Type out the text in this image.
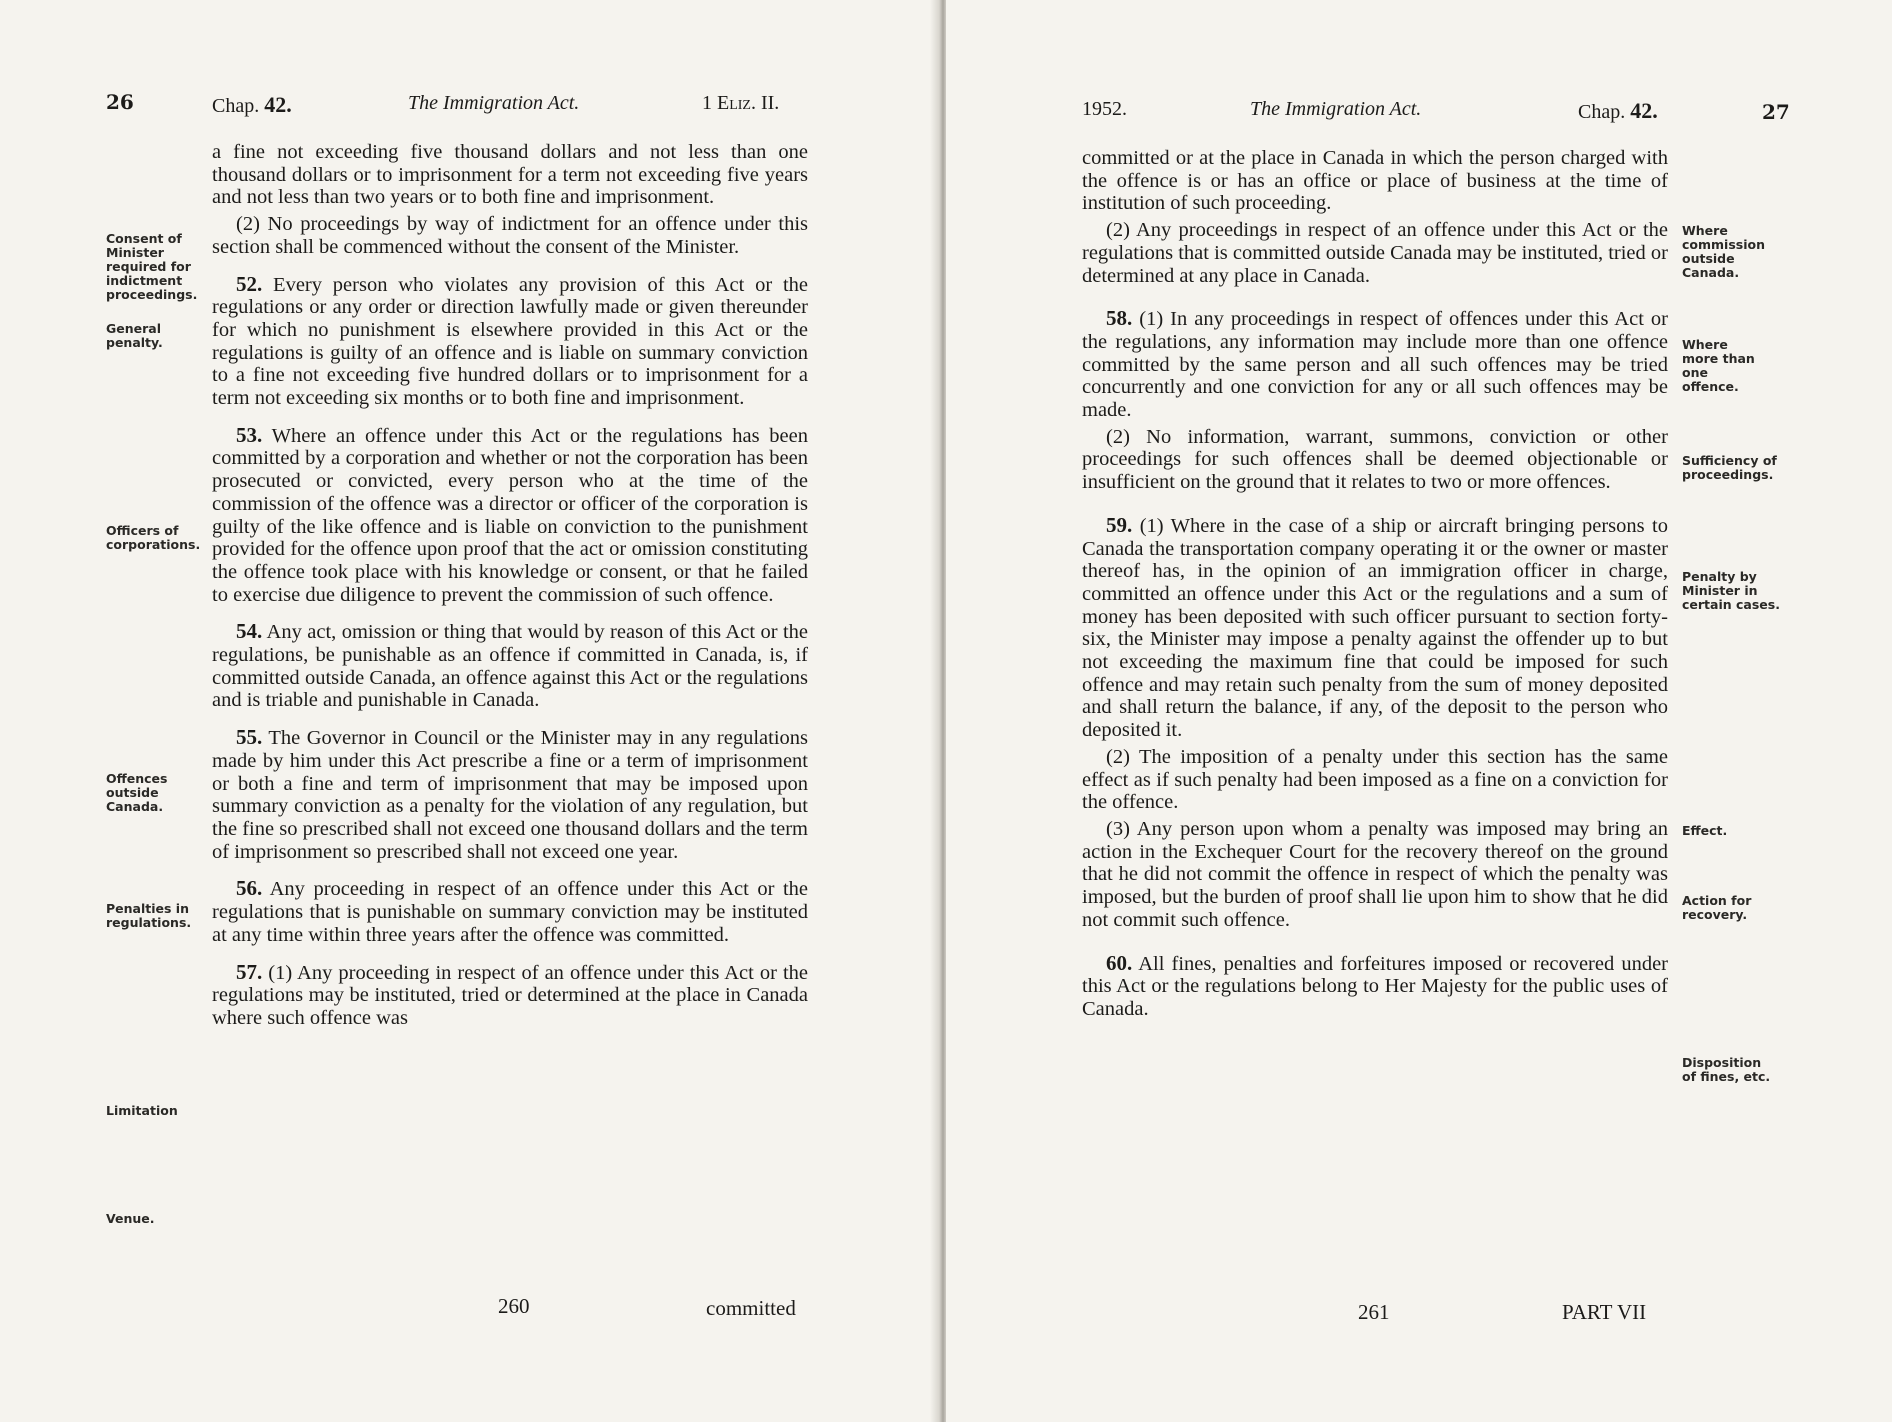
26	Chap. 42.	The Immigration Act.	1 Eliz. II.
Consent of Minister required for indictment proceedings.
General penalty.
Officers of corporations.
Offences outside Canada.
Penalties in regulations.
Limitation
Venue.

a fine not exceeding five thousand dollars and not less than one thousand dollars or to imprisonment for a term not exceeding five years and not less than two years or to both fine and imprisonment.

(2) No proceedings by way of indictment for an offence under this section shall be commenced without the consent of the Minister.

52. Every person who violates any provision of this Act or the regulations or any order or direction lawfully made or given thereunder for which no punishment is elsewhere provided in this Act or the regulations is guilty of an offence and is liable on summary conviction to a fine not exceeding five hundred dollars or to imprisonment for a term not exceeding six months or to both fine and imprisonment.

53. Where an offence under this Act or the regulations has been committed by a corporation and whether or not the corporation has been prosecuted or convicted, every person who at the time of the commission of the offence was a director or officer of the corporation is guilty of the like offence and is liable on conviction to the punishment provided for the offence upon proof that the act or omission constituting the offence took place with his knowledge or consent, or that he failed to exercise due diligence to prevent the commission of such offence.

54. Any act, omission or thing that would by reason of this Act or the regulations, be punishable as an offence if committed in Canada, is, if committed outside Canada, an offence against this Act or the regulations and is triable and punishable in Canada.

55. The Governor in Council or the Minister may in any regulations made by him under this Act prescribe a fine or a term of imprisonment or both a fine and term of imprisonment that may be imposed upon summary conviction as a penalty for the violation of any regulation, but the fine so prescribed shall not exceed one thousand dollars and the term of imprisonment so prescribed shall not exceed one year.

56. Any proceeding in respect of an offence under this Act or the regulations that is punishable on summary conviction may be instituted at any time within three years after the offence was committed.

57. (1) Any proceeding in respect of an offence under this Act or the regulations may be instituted, tried or determined at the place in Canada where such offence was

260	committed
1952.	The Immigration Act.	Chap. 42.	27
Where commission outside Canada.
Where more than one offence.
Sufficiency of proceedings.
Penalty by Minister in certain cases.
Effect.
Action for recovery.
Disposition of fines, etc.

committed or at the place in Canada in which the person charged with the offence is or has an office or place of business at the time of institution of such proceeding.

(2) Any proceedings in respect of an offence under this Act or the regulations that is committed outside Canada may be instituted, tried or determined at any place in Canada.

58. (1) In any proceedings in respect of offences under this Act or the regulations, any information may include more than one offence committed by the same person and all such offences may be tried concurrently and one conviction for any or all such offences may be made.

(2) No information, warrant, summons, conviction or other proceedings for such offences shall be deemed objectionable or insufficient on the ground that it relates to two or more offences.

59. (1) Where in the case of a ship or aircraft bringing persons to Canada the transportation company operating it or the owner or master thereof has, in the opinion of an immigration officer in charge, committed an offence under this Act or the regulations and a sum of money has been deposited with such officer pursuant to section forty-six, the Minister may impose a penalty against the offender up to but not exceeding the maximum fine that could be imposed for such offence and may retain such penalty from the sum of money deposited and shall return the balance, if any, of the deposit to the person who deposited it.

(2) The imposition of a penalty under this section has the same effect as if such penalty had been imposed as a fine on a conviction for the offence.

(3) Any person upon whom a penalty was imposed may bring an action in the Exchequer Court for the recovery thereof on the ground that he did not commit the offence in respect of which the penalty was imposed, but the burden of proof shall lie upon him to show that he did not commit such offence.

60. All fines, penalties and forfeitures imposed or recovered under this Act or the regulations belong to Her Majesty for the public uses of Canada.

261	PART VII
